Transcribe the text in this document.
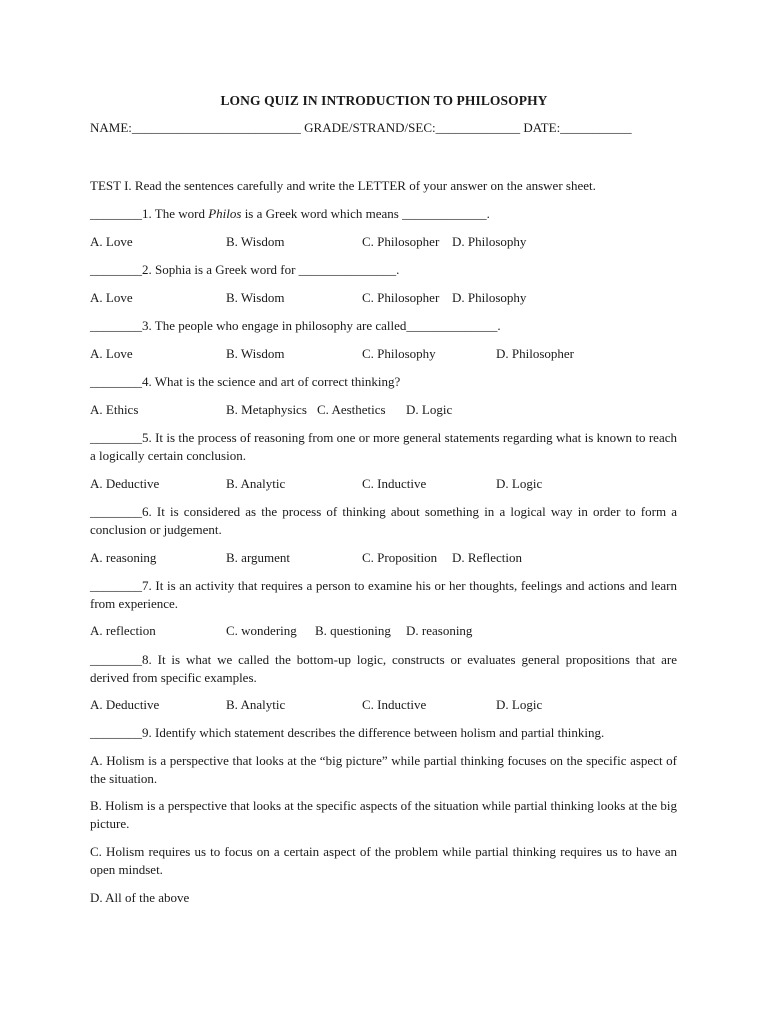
LONG QUIZ IN INTRODUCTION TO PHILOSOPHY
NAME:__________________________ GRADE/STRAND/SEC:_____________ DATE:___________
TEST I. Read the sentences carefully and write the LETTER of your answer on the answer sheet.
________1. The word Philos is a Greek word which means _____________.
A. Love	B. Wisdom	C. Philosopher D. Philosophy
________2. Sophia is a Greek word for _______________.
A. Love	B. Wisdom	C. Philosopher D. Philosophy
________3. The people who engage in philosophy are called______________.
A. Love	B. Wisdom	C. Philosophy	D. Philosopher
________4. What is the science and art of correct thinking?
A. Ethics	B. Metaphysics C. Aesthetics D. Logic
________5. It is the process of reasoning from one or more general statements regarding what is known to reach a logically certain conclusion.
A. Deductive	B. Analytic	C. Inductive	D. Logic
________6. It is considered as the process of thinking about something in a logical way in order to form a conclusion or judgement.
A. reasoning	B. argument	C. Proposition D. Reflection
________7. It is an activity that requires a person to examine his or her thoughts, feelings and actions and learn from experience.
A. reflection	C. wondering B. questioning D. reasoning
________8. It is what we called the bottom-up logic, constructs or evaluates general propositions that are derived from specific examples.
A. Deductive	B. Analytic	C. Inductive	D. Logic
________9. Identify which statement describes the difference between holism and partial thinking.
A. Holism is a perspective that looks at the “big picture” while partial thinking focuses on the specific aspect of the situation.
B. Holism is a perspective that looks at the specific aspects of the situation while partial thinking looks at the big picture.
C. Holism requires us to focus on a certain aspect of the problem while partial thinking requires us to have an open mindset.
D. All of the above
